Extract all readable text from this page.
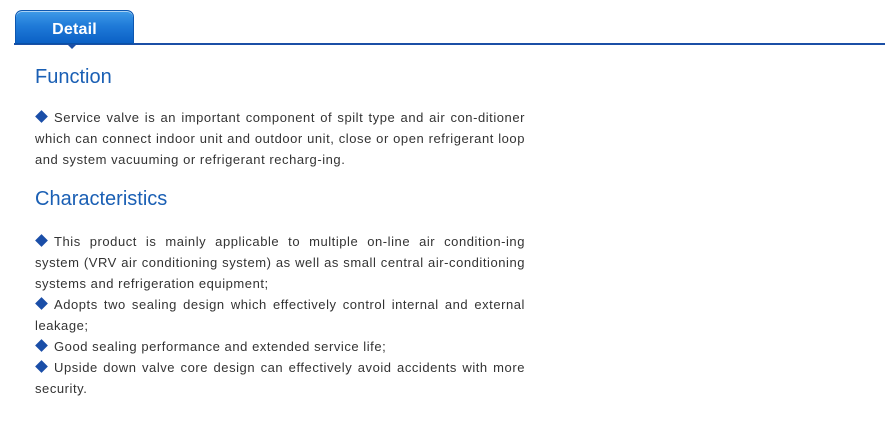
Detail
Function

Service valve is an important component of spilt type and air con-ditioner which can connect indoor unit and outdoor unit, close or open refrigerant loop and system vacuuming or refrigerant recharg-ing.

Characteristics

This product is mainly applicable to multiple on-line air condition-ing system (VRV air conditioning system) as well as small central air-conditioning systems and refrigeration equipment;

Adopts two sealing design which effectively control internal and external leakage;

Good sealing performance and extended service life;

Upside down valve core design can effectively avoid accidents with more security.
